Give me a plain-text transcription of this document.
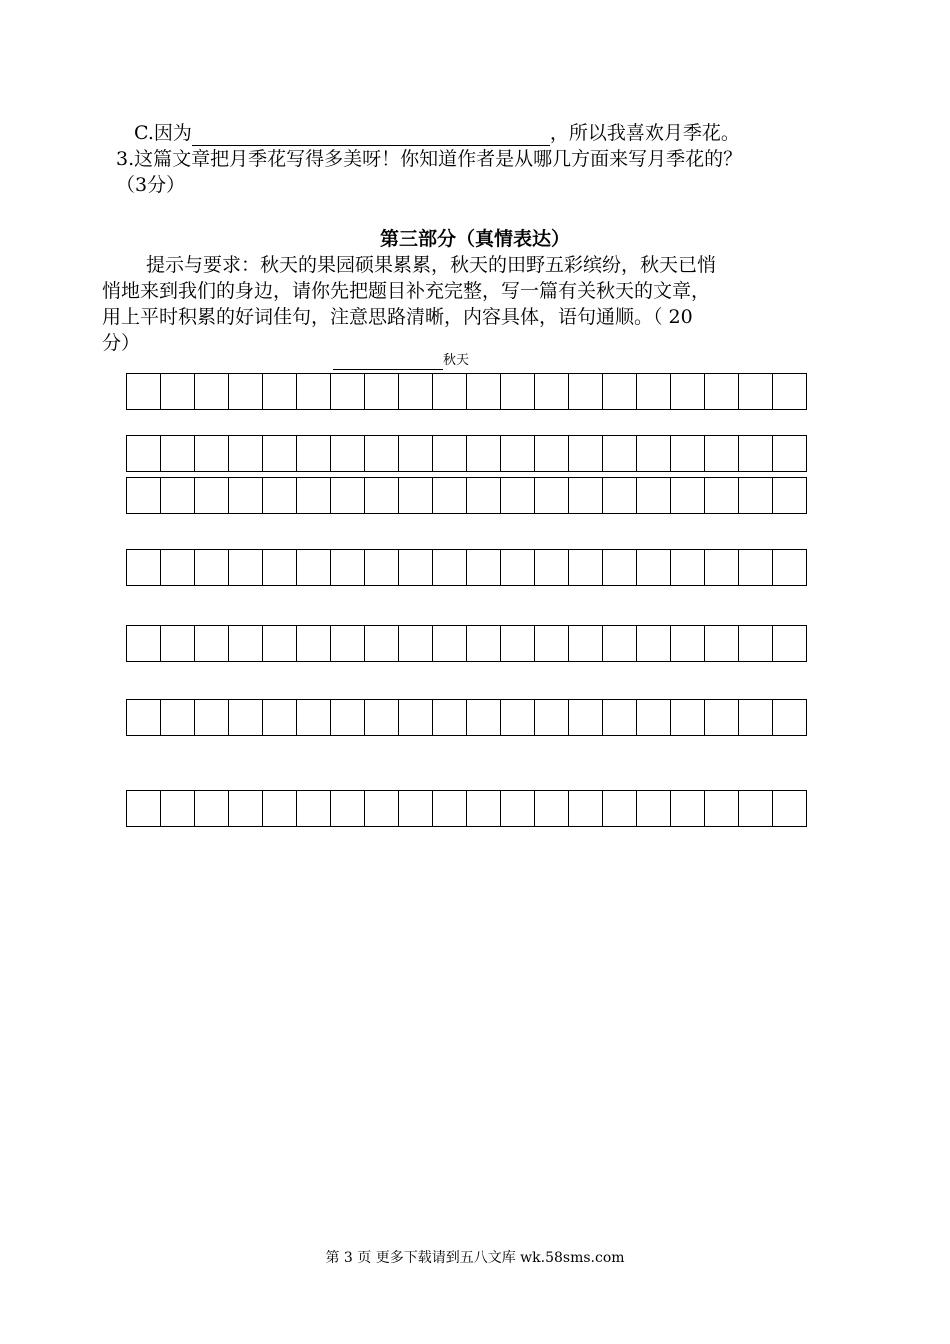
C.因为	，所以我喜欢月季花。
3.这篇文章把月季花写得多美呀！你知道作者是从哪几方面来写月季花的？
（3分）
第三部分（真情表达）
提示与要求：秋天的果园硕果累累，秋天的田野五彩缤纷，秋天已悄
悄地来到我们的身边，请你先把题目补充完整，写一篇有关秋天的文章，
用上平时积累的好词佳句，注意思路清晰，内容具体，语句通顺。（ 20
分）
秋天
第 3 页 更多下载请到五八文库 wk.58sms.com
